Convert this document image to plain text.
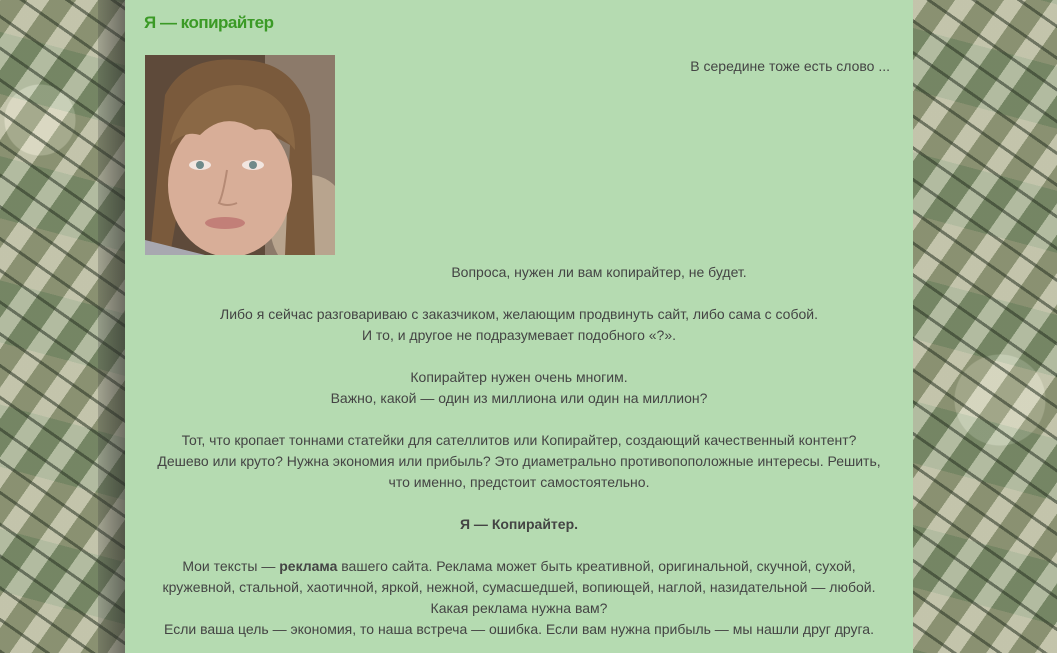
Я — копирайтер

В середине тоже есть слово ...

Вопроса, нужен ли вам копирайтер, не будет.

Либо я сейчас разговариваю с заказчиком, желающим продвинуть сайт, либо сама с собой.
И то, и другое не подразумевает подобного «?».

Копирайтер нужен очень многим.
Важно, какой — один из миллиона или один на миллион?

Тот, что кропает тоннами статейки для сателлитов или Копирайтер, создающий качественный контент?
Дешево или круто? Нужна экономия или прибыль? Это диаметрально противопоположные интересы. Решить,
что именно, предстоит самостоятельно.

Я — Копирайтер.

Мои тексты — реклама вашего сайта. Реклама может быть креативной, оригинальной, скучной, сухой,
кружевной, стальной, хаотичной, яркой, нежной, сумасшедшей, вопиющей, наглой, назидательной — любой.
Какая реклама нужна вам?
Если ваша цель — экономия, то наша встреча — ошибка. Если вам нужна прибыль — мы нашли друг друга.
